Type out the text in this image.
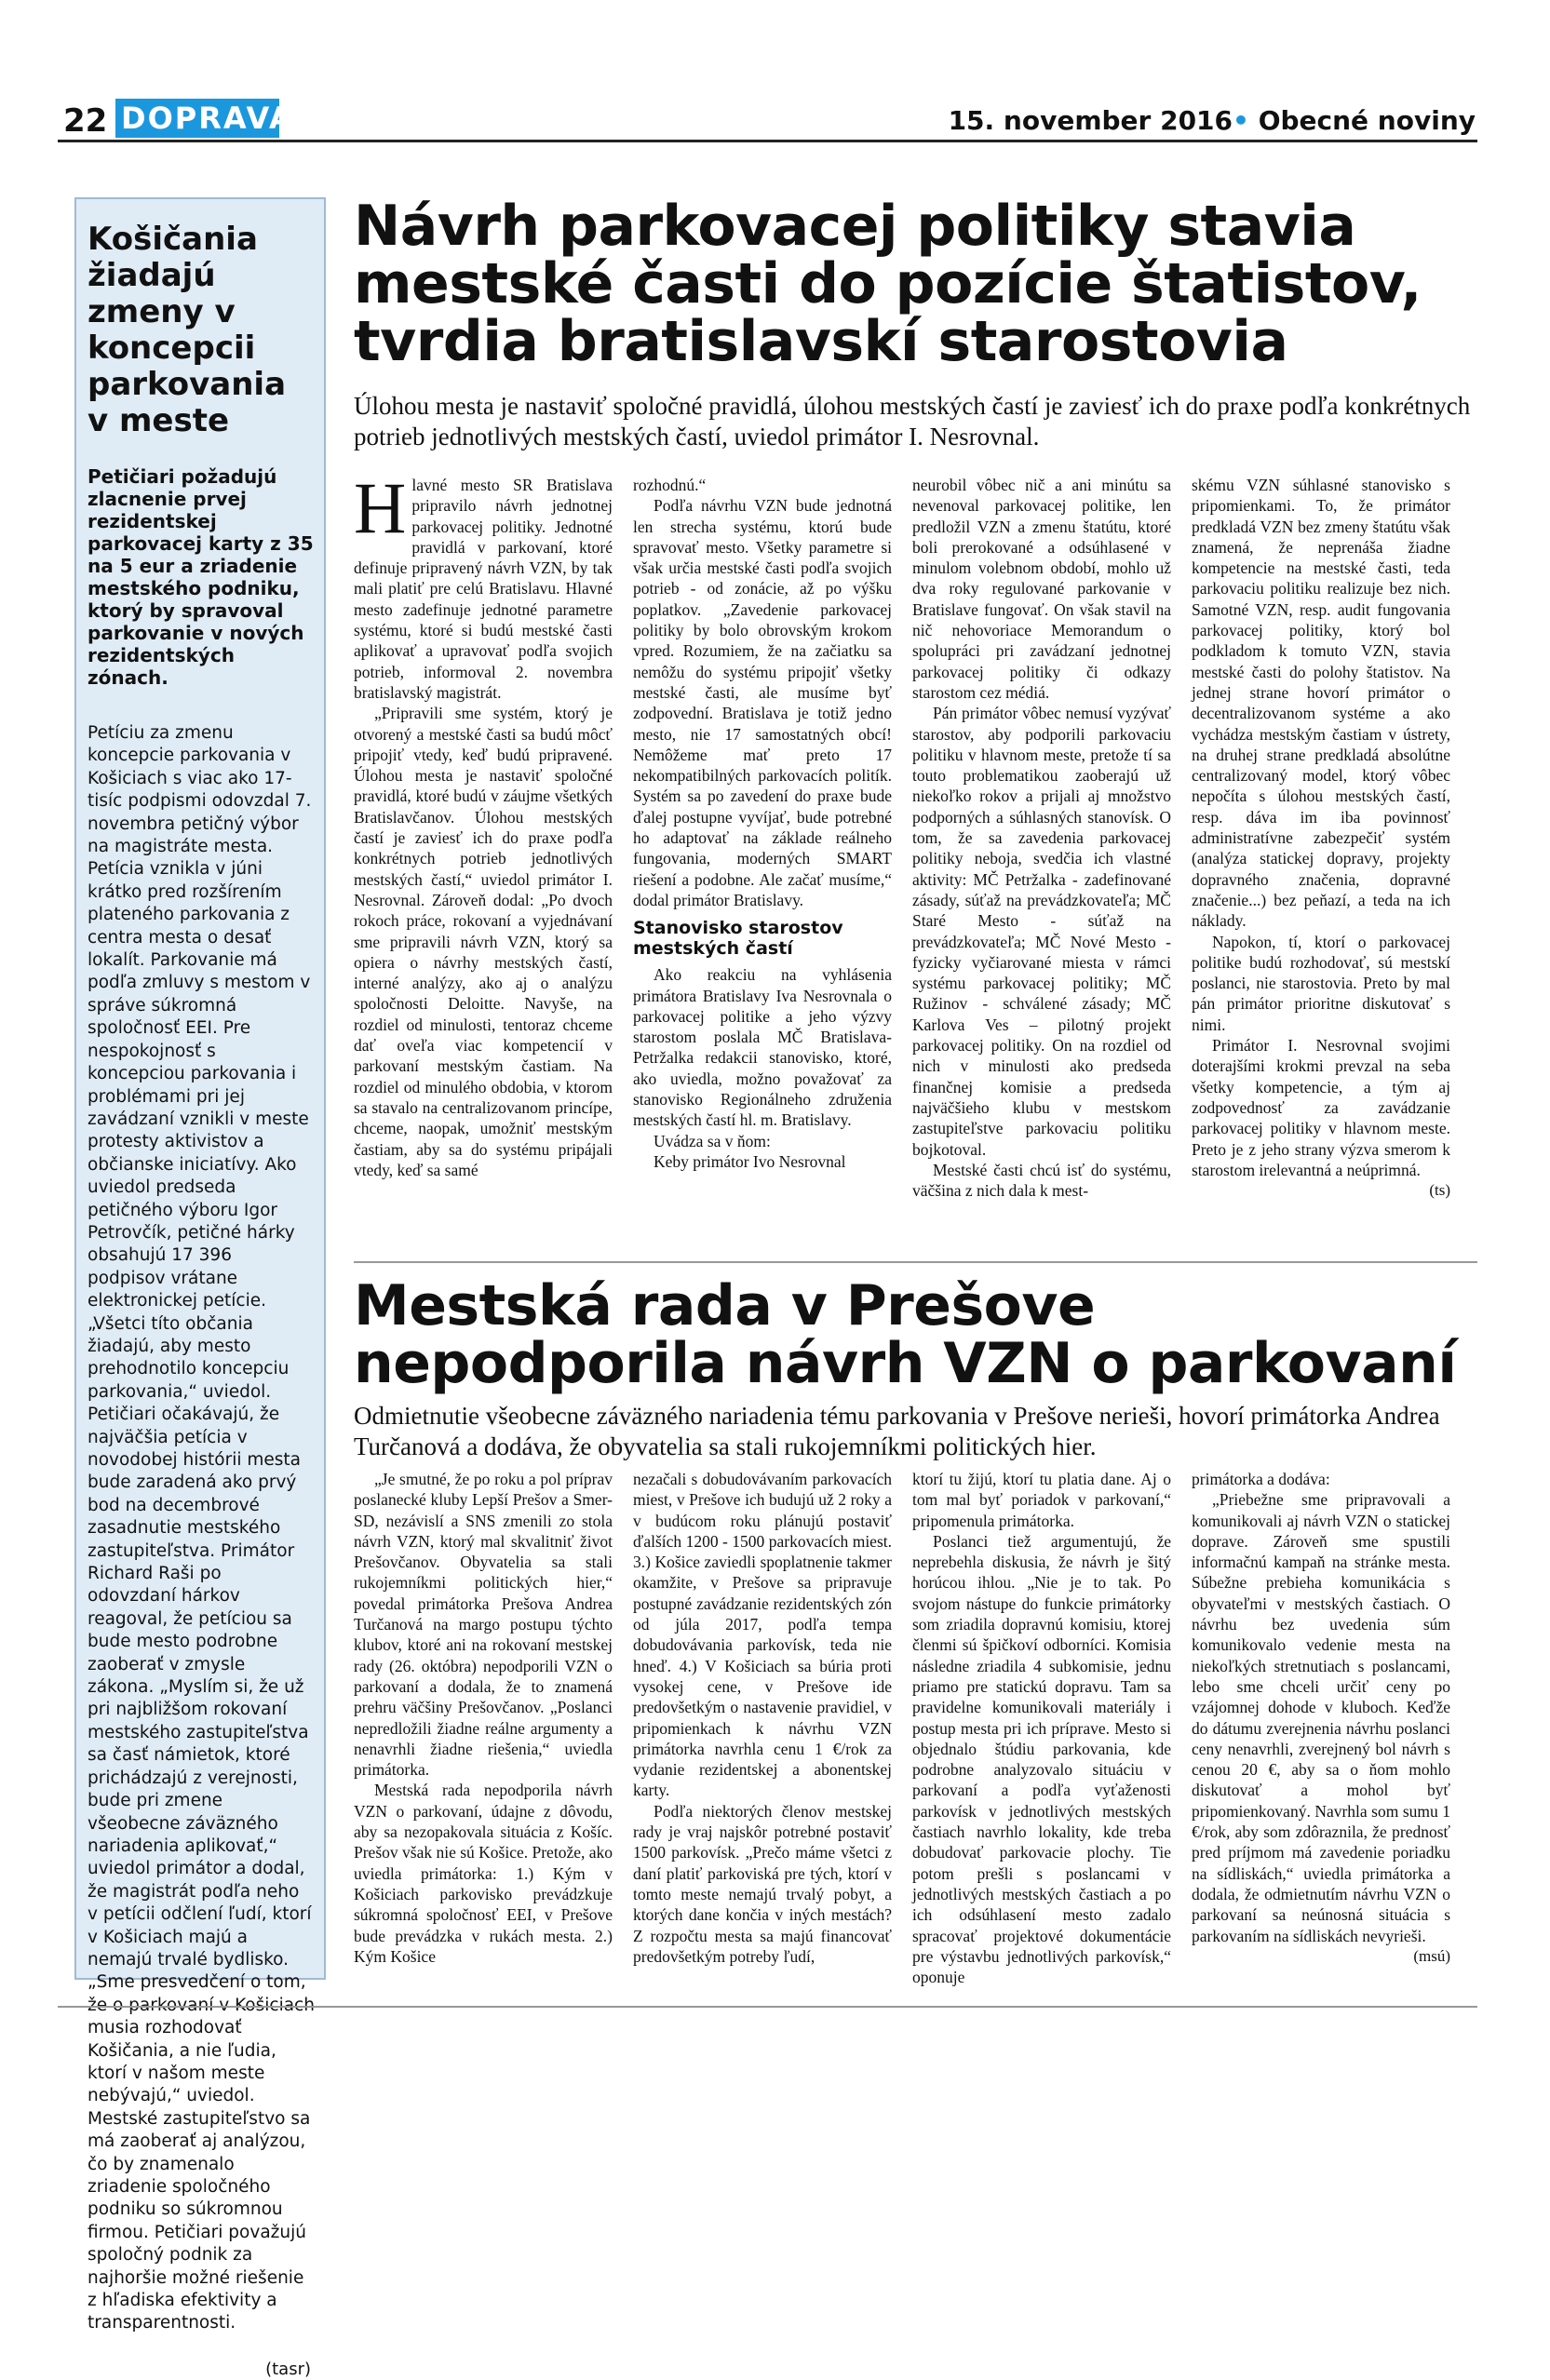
22 DOPRAVA	15. november 2016• Obecné noviny
Košičania žiadajú zmeny v koncepcii parkovania v meste
Petičiari požadujú zlacnenie prvej rezidentskej parkovacej karty z 35 na 5 eur a zriadenie mestského podniku, ktorý by spravoval parkovanie v nových rezidentských zónach.

Petíciu za zmenu koncepcie parkovania v Košiciach s viac ako 17-tisíc podpismi odovzdal 7. novembra petičný výbor na magistráte mesta. Petícia vznikla v júni krátko pred rozšírením plateného parkovania z centra mesta o desať lokalít. Parkovanie má podľa zmluvy s mestom v správe súkromná spoločnosť EEI. Pre nespokojnosť s koncepciou parkovania i problémami pri jej zavádzaní vznikli v meste protesty aktivistov a občianske iniciatívy. Ako uviedol predseda petičného výboru Igor Petrovčík, petičné hárky obsahujú 17 396 podpisov vrátane elektronickej petície. „Všetci títo občania žiadajú, aby mesto prehodnotilo koncepciu parkovania,“ uviedol. Petičiari očakávajú, že najväčšia petícia v novodobej histórii mesta bude zaradená ako prvý bod na decembrové zasadnutie mestského zastupiteľstva. Primátor Richard Raši po odovzdaní hárkov reagoval, že petíciou sa bude mesto podrobne zaoberať v zmysle zákona. „Myslím si, že už pri najbližšom rokovaní mestského zastupiteľstva sa časť námietok, ktoré prichádzajú z verejnosti, bude pri zmene všeobecne záväzného nariadenia aplikovať,“ uviedol primátor a dodal, že magistrát podľa neho v petícii odčlení ľudí, ktorí v Košiciach majú a nemajú trvalé bydlisko. „Sme presvedčení o tom, že o parkovaní v Košiciach musia rozhodovať Košičania, a nie ľudia, ktorí v našom meste nebývajú,“ uviedol. Mestské zastupiteľstvo sa má zaoberať aj analýzou, čo by znamenalo zriadenie spoločného podniku so súkromnou firmou. Petičiari považujú spoločný podnik za najhoršie možné riešenie z hľadiska efektivity a transparentnosti.

(tasr)
Návrh parkovacej politiky stavia mestské časti do pozície štatistov, tvrdia bratislavskí starostovia
Úlohou mesta je nastaviť spoločné pravidlá, úlohou mestských častí je zaviesť ich do praxe podľa konkrétnych potrieb jednotlivých mestských častí, uviedol primátor I. Nesrovnal.

Hlavné mesto SR Bratislava pripravilo návrh jednotnej parkovacej politiky. Jednotné pravidlá v parkovaní, ktoré definuje pripravený návrh VZN, by tak mali platiť pre celú Bratislavu. Hlavné mesto zadefinuje jednotné parametre systému, ktoré si budú mestské časti aplikovať a upravovať podľa svojich potrieb, informoval 2. novembra bratislavský magistrát.

„Pripravili sme systém, ktorý je otvorený a mestské časti sa budú môcť pripojiť vtedy, keď budú pripravené. Úlohou mesta je nastaviť spoločné pravidlá, ktoré budú v záujme všetkých Bratislavčanov. Úlohou mestských častí je zaviesť ich do praxe podľa konkrétnych potrieb jednotlivých mestských častí,“ uviedol primátor I. Nesrovnal. Zároveň dodal: „Po dvoch rokoch práce, rokovaní a vyjednávaní sme pripravili návrh VZN, ktorý sa opiera o návrhy mestských častí, interné analýzy, ako aj o analýzu spoločnosti Deloitte. Navyše, na rozdiel od minulosti, tentoraz chceme dať oveľa viac kompetencií v parkovaní mestským častiam. Na rozdiel od minulého obdobia, v ktorom sa stavalo na centralizovanom princípe, chceme, naopak, umožniť mestským častiam, aby sa do systému pripájali vtedy, keď sa samé

rozhodnú.“

Podľa návrhu VZN bude jednotná len strecha systému, ktorú bude spravovať mesto. Všetky parametre si však určia mestské časti podľa svojich potrieb - od zonácie, až po výšku poplatkov. „Zavedenie parkovacej politiky by bolo obrovským krokom vpred. Rozumiem, že na začiatku sa nemôžu do systému pripojiť všetky mestské časti, ale musíme byť zodpovední. Bratislava je totiž jedno mesto, nie 17 samostatných obcí! Nemôžeme mať preto 17 nekompatibilných parkovacích politík. Systém sa po zavedení do praxe bude ďalej postupne vyvíjať, bude potrebné ho adaptovať na základe reálneho fungovania, moderných SMART riešení a podobne. Ale začať musíme,“ dodal primátor Bratislavy.

Stanovisko starostov mestských častí

Ako reakciu na vyhlásenia primátora Bratislavy Iva Nesrovnala o parkovacej politike a jeho výzvy starostom poslala MČ Bratislava-Petržalka redakcii stanovisko, ktoré, ako uviedla, možno považovať za stanovisko Regionálneho združenia mestských častí hl. m. Bratislavy.

Uvádza sa v ňom:

Keby primátor Ivo Nesrovnal

neurobil vôbec nič a ani minútu sa nevenoval parkovacej politike, len predložil VZN a zmenu štatútu, ktoré boli prerokované a odsúhlasené v minulom volebnom období, mohlo už dva roky regulované parkovanie v Bratislave fungovať. On však stavil na nič nehovoriace Memorandum o spolupráci pri zavádzaní jednotnej parkovacej politiky či odkazy starostom cez médiá.

Pán primátor vôbec nemusí vyzývať starostov, aby podporili parkovaciu politiku v hlavnom meste, pretože tí sa touto problematikou zaoberajú už niekoľko rokov a prijali aj množstvo podporných a súhlasných stanovísk. O tom, že sa zavedenia parkovacej politiky neboja, svedčia ich vlastné aktivity: MČ Petržalka - zadefinované zásady, súťaž na prevádzkovateľa; MČ Staré Mesto - súťaž na prevádzkovateľa; MČ Nové Mesto - fyzicky vyčiarované miesta v rámci systému parkovacej politiky; MČ Ružinov - schválené zásady; MČ Karlova Ves – pilotný projekt parkovacej politiky. On na rozdiel od nich v minulosti ako predseda finančnej komisie a predseda najväčšieho klubu v mestskom zastupiteľstve parkovaciu politiku bojkotoval.

Mestské časti chcú isť do systému, väčšina z nich dala k mest-

skému VZN súhlasné stanovisko s pripomienkami. To, že primátor predkladá VZN bez zmeny štatútu však znamená, že neprenáša žiadne kompetencie na mestské časti, teda parkovaciu politiku realizuje bez nich. Samotné VZN, resp. audit fungovania parkovacej politiky, ktorý bol podkladom k tomuto VZN, stavia mestské časti do polohy štatistov. Na jednej strane hovorí primátor o decentralizovanom systéme a ako vychádza mestským častiam v ústrety, na druhej strane predkladá absolútne centralizovaný model, ktorý vôbec nepočíta s úlohou mestských častí, resp. dáva im iba povinnosť administratívne zabezpečiť systém (analýza statickej dopravy, projekty dopravného značenia, dopravné značenie...) bez peňazí, a teda na ich náklady.

Napokon, tí, ktorí o parkovacej politike budú rozhodovať, sú mestskí poslanci, nie starostovia. Preto by mal pán primátor prioritne diskutovať s nimi.

Primátor I. Nesrovnal svojimi doterajšími krokmi prevzal na seba všetky kompetencie, a tým aj zodpovednosť za zavádzanie parkovacej politiky v hlavnom meste. Preto je z jeho strany výzva smerom k starostom irelevantná a neúprimná.

(ts)
Mestská rada v Prešove nepodporila návrh VZN o parkovaní
Odmietnutie všeobecne záväzného nariadenia tému parkovania v Prešove nerieši, hovorí primátorka Andrea Turčanová a dodáva, že obyvatelia sa stali rukojemníkmi politických hier.

„Je smutné, že po roku a pol príprav poslanecké kluby Lepší Prešov a Smer-SD, nezávislí a SNS zmenili zo stola návrh VZN, ktorý mal skvalitniť život Prešovčanov. Obyvatelia sa stali rukojemníkmi politických hier,“ povedal primátorka Prešova Andrea Turčanová na margo postupu týchto klubov, ktoré ani na rokovaní mestskej rady (26. októbra) nepodporili VZN o parkovaní a dodala, že to znamená prehru väčšiny Prešovčanov. „Poslanci nepredložili žiadne reálne argumenty a nenavrhli žiadne riešenia,“ uviedla primátorka.

Mestská rada nepodporila návrh VZN o parkovaní, údajne z dôvodu, aby sa nezopakovala situácia z Košíc. Prešov však nie sú Košice. Pretože, ako uviedla primátorka: 1.) Kým v Košiciach parkovisko prevádzkuje súkromná spoločnosť EEI, v Prešove bude prevádzka v rukách mesta. 2.) Kým Košice

nezačali s dobudovávaním parkovacích miest, v Prešove ich budujú už 2 roky a v budúcom roku plánujú postaviť ďalších 1200 - 1500 parkovacích miest. 3.) Košice zaviedli spoplatnenie takmer okamžite, v Prešove sa pripravuje postupné zavádzanie rezidentských zón od júla 2017, podľa tempa dobudovávania parkovísk, teda nie hneď. 4.) V Košiciach sa búria proti vysokej cene, v Prešove ide predovšetkým o nastavenie pravidiel, v pripomienkach k návrhu VZN primátorka navrhla cenu 1 €/rok za vydanie rezidentskej a abonentskej karty.

Podľa niektorých členov mestskej rady je vraj najskôr potrebné postaviť 1500 parkovísk. „Prečo máme všetci z daní platiť parkoviská pre tých, ktorí v tomto meste nemajú trvalý pobyt, a ktorých dane končia v iných mestách? Z rozpočtu mesta sa majú financovať predovšetkým potreby ľudí,

ktorí tu žijú, ktorí tu platia dane. Aj o tom mal byť poriadok v parkovaní,“ pripomenula primátorka.

Poslanci tiež argumentujú, že neprebehla diskusia, že návrh je šitý horúcou ihlou. „Nie je to tak. Po svojom nástupe do funkcie primátorky som zriadila dopravnú komisiu, ktorej členmi sú špičkoví odborníci. Komisia následne zriadila 4 subkomisie, jednu priamo pre statickú dopravu. Tam sa pravidelne komunikovali materiály i postup mesta pri ich príprave. Mesto si objednalo štúdiu parkovania, kde podrobne analyzovalo situáciu v parkovaní a podľa vyťaženosti parkovísk v jednotlivých mestských častiach navrhlo lokality, kde treba dobudovať parkovacie plochy. Tie potom prešli s poslancami v jednotlivých mestských častiach a po ich odsúhlasení mesto zadalo spracovať projektové dokumentácie pre výstavbu jednotlivých parkovísk,“ oponuje

primátorka a dodáva:

„Priebežne sme pripravovali a komunikovali aj návrh VZN o statickej doprave. Zároveň sme spustili informačnú kampaň na stránke mesta. Súbežne prebieha komunikácia s obyvateľmi v mestských častiach. O návrhu bez uvedenia súm komunikovalo vedenie mesta na niekoľkých stretnutiach s poslancami, lebo sme chceli určiť ceny po vzájomnej dohode v kluboch. Keďže do dátumu zverejnenia návrhu poslanci ceny nenavrhli, zverejnený bol návrh s cenou 20 €, aby sa o ňom mohlo diskutovať a mohol byť pripomienkovaný. Navrhla som sumu 1 €/rok, aby som zdôraznila, že prednosť pred príjmom má zavedenie poriadku na sídliskách,“ uviedla primátorka a dodala, že odmietnutím návrhu VZN o parkovaní sa neúnosná situácia s parkovaním na sídliskách nevyrieši.

(msú)
